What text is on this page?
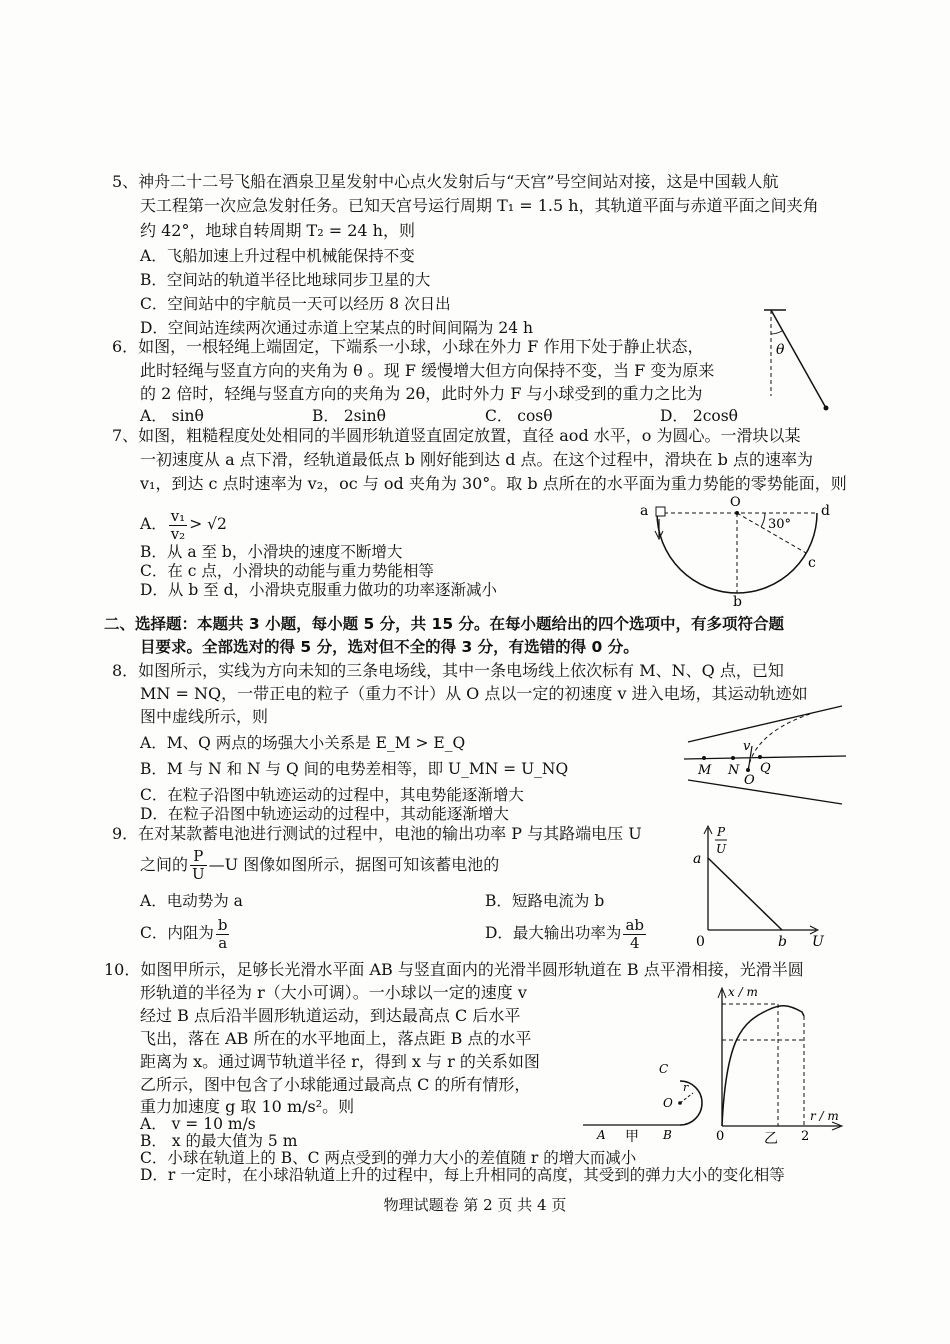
5、神舟二十二号飞船在酒泉卫星发射中心点火发射后与“天宫”号空间站对接，这是中国载人航
天工程第一次应急发射任务。已知天宫号运行周期 T₁ = 1.5 h，其轨道平面与赤道平面之间夹角
约 42°，地球自转周期 T₂ = 24 h，则
A．飞船加速上升过程中机械能保持不变
B．空间站的轨道半径比地球同步卫星的大
C．空间站中的宇航员一天可以经历 8 次日出
D．空间站连续两次通过赤道上空某点的时间间隔为 24 h
6．如图，一根轻绳上端固定，下端系一小球，小球在外力 F 作用下处于静止状态，
此时轻绳与竖直方向的夹角为 θ 。现 F 缓慢增大但方向保持不变，当 F 变为原来
的 2 倍时，轻绳与竖直方向的夹角为 2θ，此时外力 F 与小球受到的重力之比为
A． sinθ	B． 2sinθ	C． cosθ	D． 2cosθ
θ
7、如图，粗糙程度处处相同的半圆形轨道竖直固定放置，直径 aod 水平，o 为圆心。一滑块以某
一初速度从 a 点下滑，经轨道最低点 b 刚好能到达 d 点。在这个过程中，滑块在 b 点的速率为
v₁，到达 c 点时速率为 v₂，oc 与 od 夹角为 30°。取 b 点所在的水平面为重力势能的零势能面，则
A． $\frac{\text{v₁}}{\text{v₂}} > √2$
B．从 a 至 b，小滑块的速度不断增大
C．在 c 点，小滑块的动能与重力势能相等
D．从 b 至 d，小滑块克服重力做功的功率逐渐减小
a
O
d
c
b
30°
二、选择题：本题共 3 小题，每小题 5 分，共 15 分。在每小题给出的四个选项中，有多项符合题
目要求。全部选对的得 5 分，选对但不全的得 3 分，有选错的得 0 分。
8．如图所示，实线为方向未知的三条电场线，其中一条电场线上依次标有 M、N、Q 点，已知
MN = NQ，一带正电的粒子（重力不计）从 O 点以一定的初速度 v 进入电场，其运动轨迹如
图中虚线所示，则
A．M、Q 两点的场强大小关系是 E_M > E_Q
B．M 与 N 和 N 与 Q 间的电势差相等，即 U_MN = U_NQ
C．在粒子沿图中轨迹运动的过程中，其电势能逐渐增大
D．在粒子沿图中轨迹运动的过程中，其动能逐渐增大
M N Q
O
v
9．在对某款蓄电池进行测试的过程中，电池的输出功率 P 与其路端电压 U
之间的 $\frac{P}{U}$ —U 图像如图所示，据图可知该蓄电池的
A．电动势为 a	B．短路电流为 b
C．内阻为 $\frac{b}{a}$	D．最大输出功率为 $\frac{ab}{4}$
P
U
a
0	b U
10．如图甲所示，足够长光滑水平面 AB 与竖直面内的光滑半圆形轨道在 B 点平滑相接，光滑半圆
形轨道的半径为 r（大小可调）。一小球以一定的速度 v
经过 B 点后沿半圆形轨道运动，到达最高点 C 后水平
飞出，落在 AB 所在的水平地面上，落点距 B 点的水平
距离为 x。通过调节轨道半径 r，得到 x 与 r 的关系如图
乙所示，图中包含了小球能通过最高点 C 的所有情形，
重力加速度 g 取 10 m/s²。则
A． v = 10 m/s
B． x 的最大值为 5 m
C．小球在轨道上的 B、C 两点受到的弹力大小的差值随 r 的增大而减小
D．r 一定时，在小球沿轨道上升的过程中，每上升相同的高度，其受到的弹力大小的变化相等
C
r
O
A 甲 B
x / m
r / m
0	2
乙
物理试题卷 第 2 页 共 4 页
